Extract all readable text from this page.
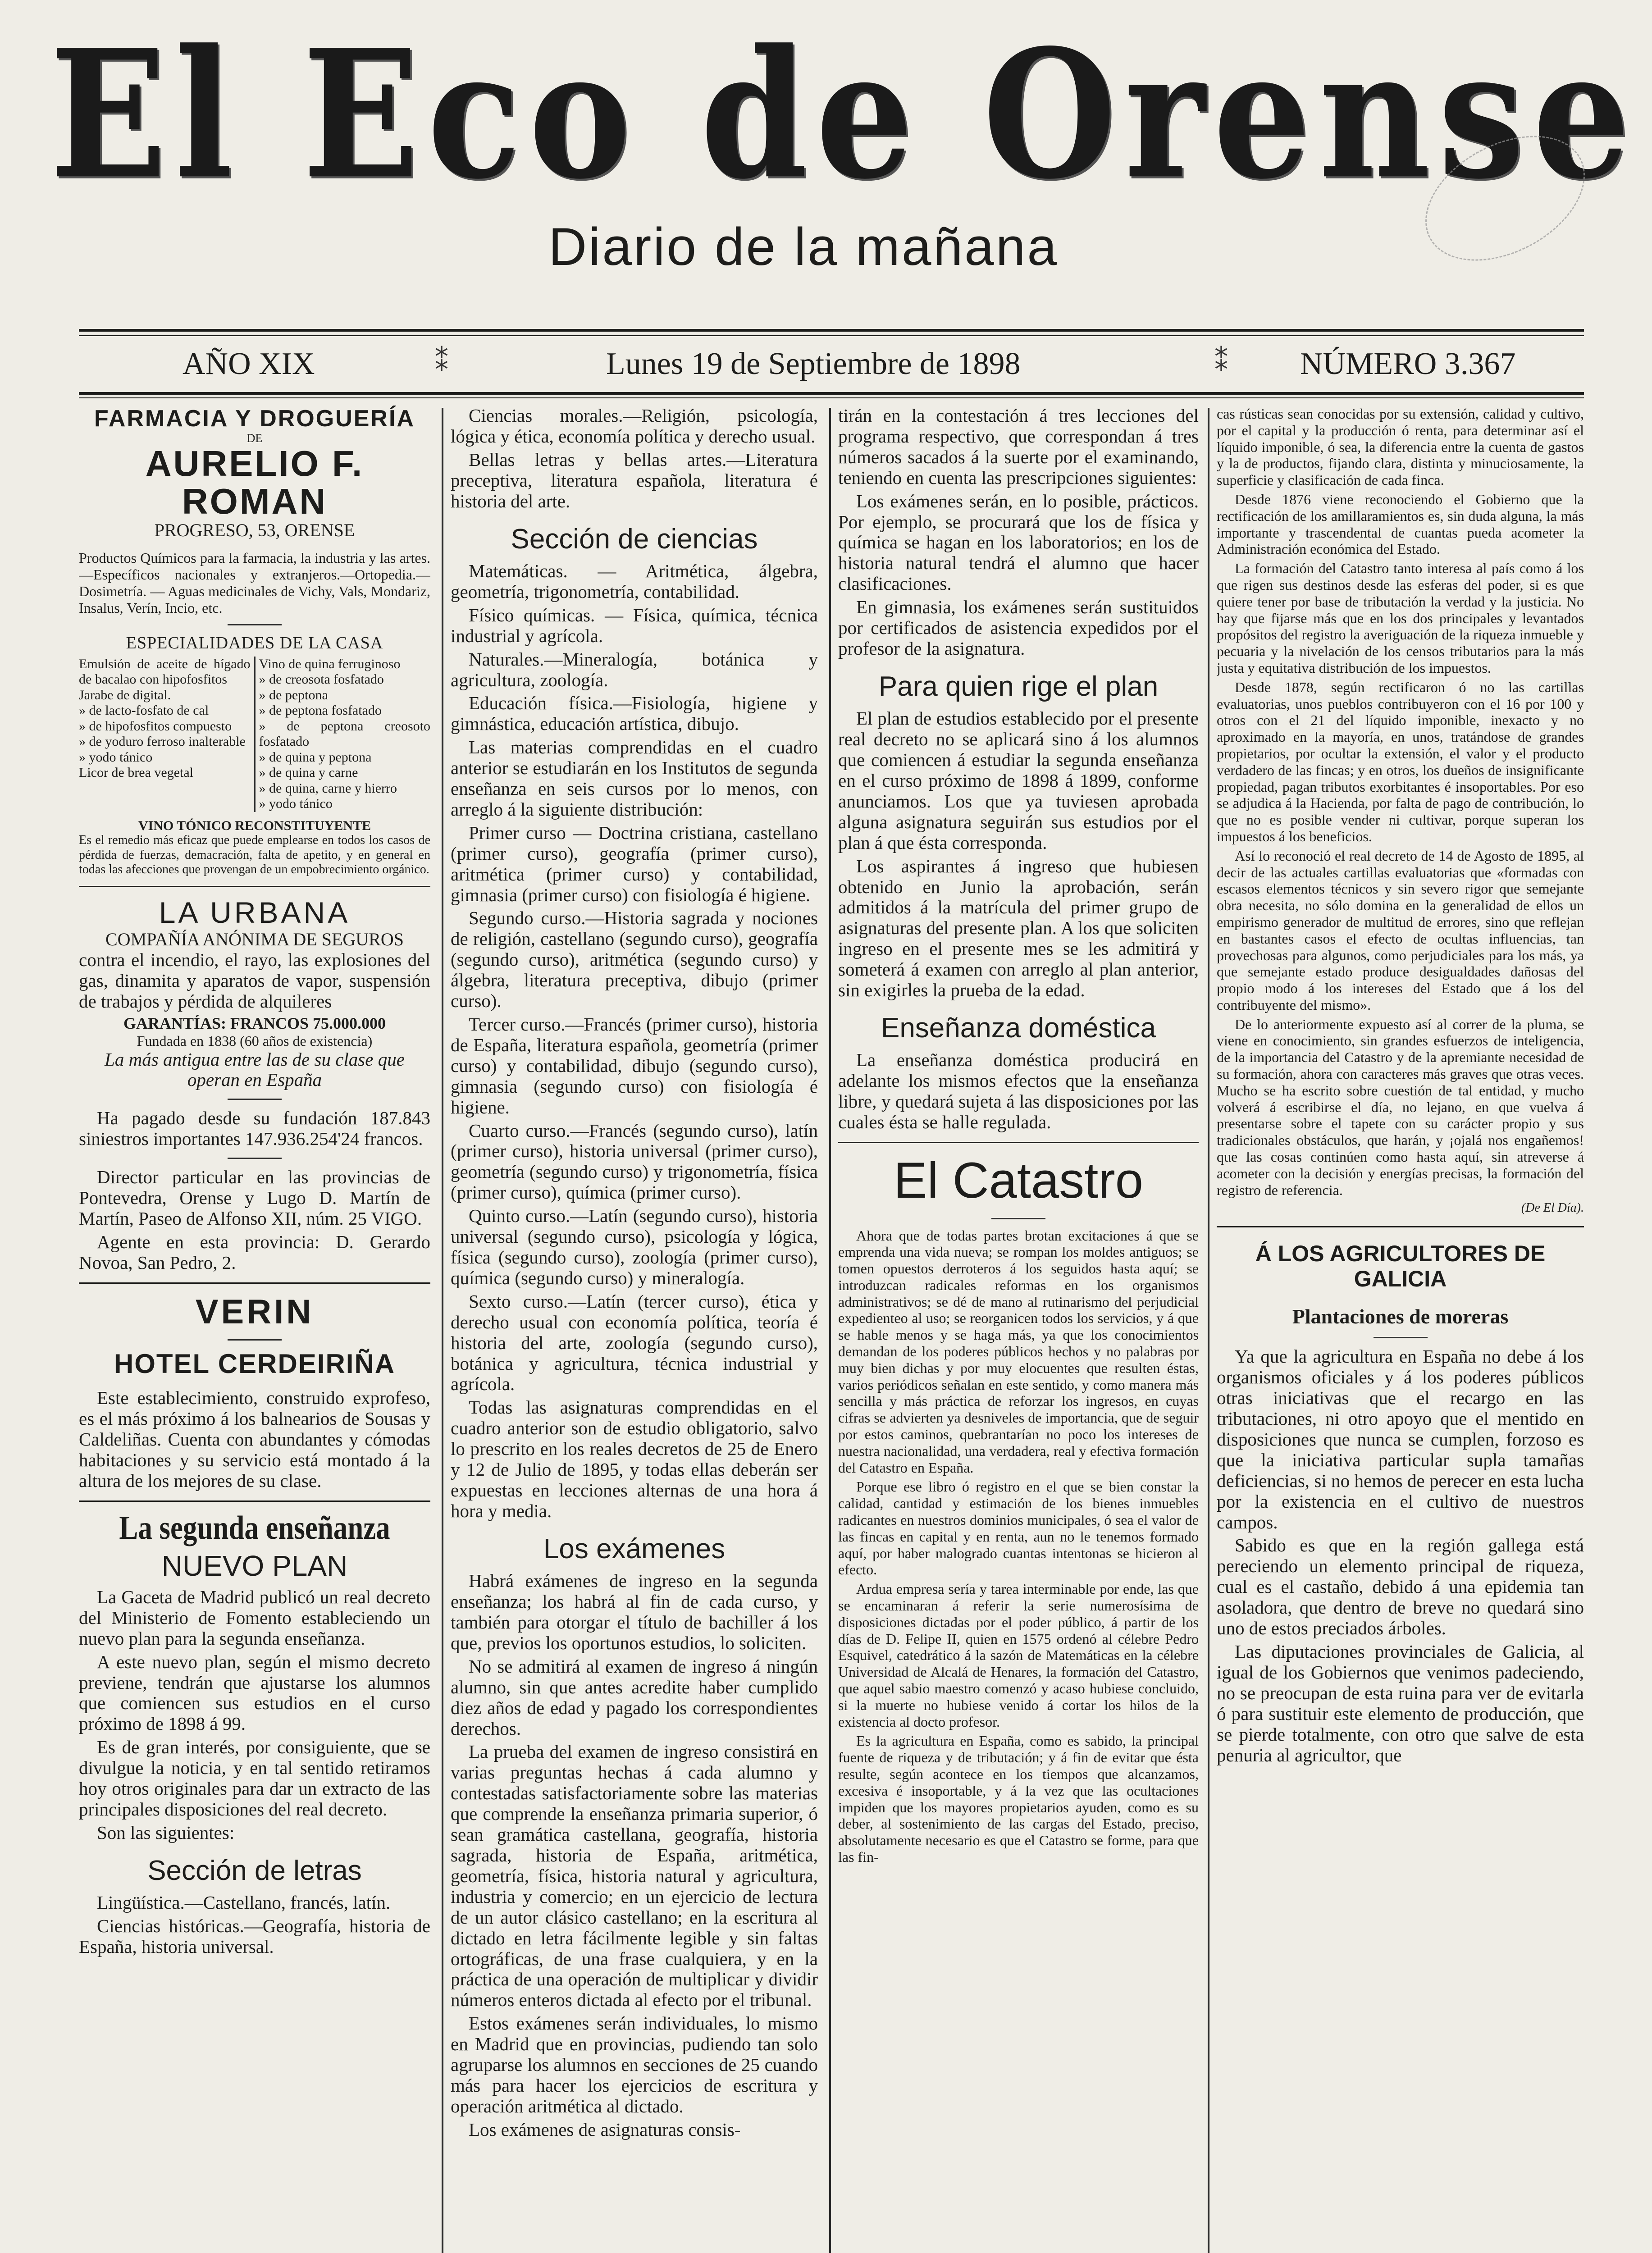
El Eco de Orense
Diario de la mañana
AÑO XIX	⁑	Lunes 19 de Septiembre de 1898	⁑ NÚMERO 3.367
FARMACIA Y DROGUERÍA
DE
AURELIO F. ROMAN
PROGRESO, 53, ORENSE

Productos Químicos para la farmacia, la industria y las artes.—Específicos nacionales y extranjeros.—Ortopedia.—Dosimetría. — Aguas medicinales de Vichy, Vals, Mondariz, Insalus, Verín, Incio, etc.

ESPECIALIDADES DE LA CASA
Emulsión de aceite de hígado de bacalao con hipofosfitos
Jarabe de digital.
» de lacto-fosfato de cal
» de hipofosfitos compuesto
» de yoduro ferroso inalterable
» yodo tánico
Licor de brea vegetal
Vino de quina ferruginoso
» de creosota fosfatado
» de peptona
» de peptona fosfatado
» de peptona creosoto fosfatado
» de quina y peptona
» de quina y carne
» de quina, carne y hierro
» yodo tánico
VINO TÓNICO RECONSTITUYENTE

Es el remedio más eficaz que puede emplearse en todos los casos de pérdida de fuerzas, demacración, falta de apetito, y en general en todas las afecciones que provengan de un empobrecimiento orgánico.

LA URBANA
COMPAÑÍA ANÓNIMA DE SEGUROS

contra el incendio, el rayo, las explosiones del gas, dinamita y aparatos de vapor, suspensión de trabajos y pérdida de alquileres

GARANTÍAS: FRANCOS 75.000.000
Fundada en 1838 (60 años de existencia)
La más antigua entre las de su clase que operan en España

Ha pagado desde su fundación 187.843 siniestros importantes 147.936.254'24 francos.

Director particular en las provincias de Pontevedra, Orense y Lugo D. Martín de Martín, Paseo de Alfonso XII, núm. 25 VIGO.

Agente en esta provincia: D. Gerardo Novoa, San Pedro, 2.

VERIN
HOTEL CERDEIRIÑA

Este establecimiento, construido exprofeso, es el más próximo á los balnearios de Sousas y Caldeliñas. Cuenta con abundantes y cómodas habitaciones y su servicio está montado á la altura de los mejores de su clase.

La segunda enseñanza
NUEVO PLAN

La Gaceta de Madrid publicó un real decreto del Ministerio de Fomento estableciendo un nuevo plan para la segunda enseñanza.

A este nuevo plan, según el mismo decreto previene, tendrán que ajustarse los alumnos que comiencen sus estudios en el curso próximo de 1898 á 99.

Es de gran interés, por consiguiente, que se divulgue la noticia, y en tal sentido retiramos hoy otros originales para dar un extracto de las principales disposiciones del real decreto.

Son las siguientes:

Sección de letras

Lingüística.—Castellano, francés, latín.

Ciencias históricas.—Geografía, historia de España, historia universal.

Ciencias morales.—Religión, psicología, lógica y ética, economía política y derecho usual.

Bellas letras y bellas artes.—Literatura preceptiva, literatura española, literatura é historia del arte.

Sección de ciencias

Matemáticas. — Aritmética, álgebra, geometría, trigonometría, contabilidad.

Físico químicas. — Física, química, técnica industrial y agrícola.

Naturales.—Mineralogía, botánica y agricultura, zoología.

Educación física.—Fisiología, higiene y gimnástica, educación artística, dibujo.

Las materias comprendidas en el cuadro anterior se estudiarán en los Institutos de segunda enseñanza en seis cursos por lo menos, con arreglo á la siguiente distribución:

Primer curso — Doctrina cristiana, castellano (primer curso), geografía (primer curso), aritmética (primer curso) y contabilidad, gimnasia (primer curso) con fisiología é higiene.

Segundo curso.—Historia sagrada y nociones de religión, castellano (segundo curso), geografía (segundo curso), aritmética (segundo curso) y álgebra, literatura preceptiva, dibujo (primer curso).

Tercer curso.—Francés (primer curso), historia de España, literatura española, geometría (primer curso) y contabilidad, dibujo (segundo curso), gimnasia (segundo curso) con fisiología é higiene.

Cuarto curso.—Francés (segundo curso), latín (primer curso), historia universal (primer curso), geometría (segundo curso) y trigonometría, física (primer curso), química (primer curso).

Quinto curso.—Latín (segundo curso), historia universal (segundo curso), psicología y lógica, física (segundo curso), zoología (primer curso), química (segundo curso) y mineralogía.

Sexto curso.—Latín (tercer curso), ética y derecho usual con economía política, teoría é historia del arte, zoología (segundo curso), botánica y agricultura, técnica industrial y agrícola.

Todas las asignaturas comprendidas en el cuadro anterior son de estudio obligatorio, salvo lo prescrito en los reales decretos de 25 de Enero y 12 de Julio de 1895, y todas ellas deberán ser expuestas en lecciones alternas de una hora á hora y media.

Los exámenes

Habrá exámenes de ingreso en la segunda enseñanza; los habrá al fin de cada curso, y también para otorgar el título de bachiller á los que, previos los oportunos estudios, lo soliciten.

No se admitirá al examen de ingreso á ningún alumno, sin que antes acredite haber cumplido diez años de edad y pagado los correspondientes derechos.

La prueba del examen de ingreso consistirá en varias preguntas hechas á cada alumno y contestadas satisfactoriamente sobre las materias que comprende la enseñanza primaria superior, ó sean gramática castellana, geografía, historia sagrada, historia de España, aritmética, geometría, física, historia natural y agricultura, industria y comercio; en un ejercicio de lectura de un autor clásico castellano; en la escritura al dictado en letra fácilmente legible y sin faltas ortográficas, de una frase cualquiera, y en la práctica de una operación de multiplicar y dividir números enteros dictada al efecto por el tribunal.

Estos exámenes serán individuales, lo mismo en Madrid que en provincias, pudiendo tan solo agruparse los alumnos en secciones de 25 cuando más para hacer los ejercicios de escritura y operación aritmética al dictado.

Los exámenes de asignaturas consis-

tirán en la contestación á tres lecciones del programa respectivo, que correspondan á tres números sacados á la suerte por el examinando, teniendo en cuenta las prescripciones siguientes:

Los exámenes serán, en lo posible, prácticos. Por ejemplo, se procurará que los de física y química se hagan en los laboratorios; en los de historia natural tendrá el alumno que hacer clasificaciones.

En gimnasia, los exámenes serán sustituidos por certificados de asistencia expedidos por el profesor de la asignatura.

Para quien rige el plan

El plan de estudios establecido por el presente real decreto no se aplicará sino á los alumnos que comiencen á estudiar la segunda enseñanza en el curso próximo de 1898 á 1899, conforme anunciamos. Los que ya tuviesen aprobada alguna asignatura seguirán sus estudios por el plan á que ésta corresponda.

Los aspirantes á ingreso que hubiesen obtenido en Junio la aprobación, serán admitidos á la matrícula del primer grupo de asignaturas del presente plan. A los que soliciten ingreso en el presente mes se les admitirá y someterá á examen con arreglo al plan anterior, sin exigirles la prueba de la edad.

Enseñanza doméstica

La enseñanza doméstica producirá en adelante los mismos efectos que la enseñanza libre, y quedará sujeta á las disposiciones por las cuales ésta se halle regulada.

El Catastro

Ahora que de todas partes brotan excitaciones á que se emprenda una vida nueva; se rompan los moldes antiguos; se tomen opuestos derroteros á los seguidos hasta aquí; se introduzcan radicales reformas en los organismos administrativos; se dé de mano al rutinarismo del perjudicial expedienteo al uso; se reorganicen todos los servicios, y á que se hable menos y se haga más, ya que los conocimientos demandan de los poderes públicos hechos y no palabras por muy bien dichas y por muy elocuentes que resulten éstas, varios periódicos señalan en este sentido, y como manera más sencilla y más práctica de reforzar los ingresos, en cuyas cifras se advierten ya desniveles de importancia, que de seguir por estos caminos, quebrantarían no poco los intereses de nuestra nacionalidad, una verdadera, real y efectiva formación del Catastro en España.

Porque ese libro ó registro en el que se bien constar la calidad, cantidad y estimación de los bienes inmuebles radicantes en nuestros dominios municipales, ó sea el valor de las fincas en capital y en renta, aun no le tenemos formado aquí, por haber malogrado cuantas intentonas se hicieron al efecto.

Ardua empresa sería y tarea interminable por ende, las que se encaminaran á referir la serie numerosísima de disposiciones dictadas por el poder público, á partir de los días de D. Felipe II, quien en 1575 ordenó al célebre Pedro Esquivel, catedrático á la sazón de Matemáticas en la célebre Universidad de Alcalá de Henares, la formación del Catastro, que aquel sabio maestro comenzó y acaso hubiese concluido, si la muerte no hubiese venido á cortar los hilos de la existencia al docto profesor.

Es la agricultura en España, como es sabido, la principal fuente de riqueza y de tributación; y á fin de evitar que ésta resulte, según acontece en los tiempos que alcanzamos, excesiva é insoportable, y á la vez que las ocultaciones impiden que los mayores propietarios ayuden, como es su deber, al sostenimiento de las cargas del Estado, preciso, absolutamente necesario es que el Catastro se forme, para que las fin-

cas rústicas sean conocidas por su extensión, calidad y cultivo, por el capital y la producción ó renta, para determinar así el líquido imponible, ó sea, la diferencia entre la cuenta de gastos y la de productos, fijando clara, distinta y minuciosamente, la superficie y clasificación de cada finca.

Desde 1876 viene reconociendo el Gobierno que la rectificación de los amillaramientos es, sin duda alguna, la más importante y trascendental de cuantas pueda acometer la Administración económica del Estado.

La formación del Catastro tanto interesa al país como á los que rigen sus destinos desde las esferas del poder, si es que quiere tener por base de tributación la verdad y la justicia. No hay que fijarse más que en los dos principales y levantados propósitos del registro la averiguación de la riqueza inmueble y pecuaria y la nivelación de los censos tributarios para la más justa y equitativa distribución de los impuestos.

Desde 1878, según rectificaron ó no las cartillas evaluatorias, unos pueblos contribuyeron con el 16 por 100 y otros con el 21 del líquido imponible, inexacto y no aproximado en la mayoría, en unos, tratándose de grandes propietarios, por ocultar la extensión, el valor y el producto verdadero de las fincas; y en otros, los dueños de insignificante propiedad, pagan tributos exorbitantes é insoportables. Por eso se adjudica á la Hacienda, por falta de pago de contribución, lo que no es posible vender ni cultivar, porque superan los impuestos á los beneficios.

Así lo reconoció el real decreto de 14 de Agosto de 1895, al decir de las actuales cartillas evaluatorias que «formadas con escasos elementos técnicos y sin severo rigor que semejante obra necesita, no sólo domina en la generalidad de ellos un empirismo generador de multitud de errores, sino que reflejan en bastantes casos el efecto de ocultas influencias, tan provechosas para algunos, como perjudiciales para los más, ya que semejante estado produce desigualdades dañosas del propio modo á los intereses del Estado que á los del contribuyente del mismo».

De lo anteriormente expuesto así al correr de la pluma, se viene en conocimiento, sin grandes esfuerzos de inteligencia, de la importancia del Catastro y de la apremiante necesidad de su formación, ahora con caracteres más graves que otras veces. Mucho se ha escrito sobre cuestión de tal entidad, y mucho volverá á escribirse el día, no lejano, en que vuelva á presentarse sobre el tapete con su carácter propio y sus tradicionales obstáculos, que harán, y ¡ojalá nos engañemos! que las cosas continúen como hasta aquí, sin atreverse á acometer con la decisión y energías precisas, la formación del registro de referencia.

(De El Día).
Á LOS AGRICULTORES DE GALICIA
Plantaciones de moreras

Ya que la agricultura en España no debe á los organismos oficiales y á los poderes públicos otras iniciativas que el recargo en las tributaciones, ni otro apoyo que el mentido en disposiciones que nunca se cumplen, forzoso es que la iniciativa particular supla tamañas deficiencias, si no hemos de perecer en esta lucha por la existencia en el cultivo de nuestros campos.

Sabido es que en la región gallega está pereciendo un elemento principal de riqueza, cual es el castaño, debido á una epidemia tan asoladora, que dentro de breve no quedará sino uno de estos preciados árboles.

Las diputaciones provinciales de Galicia, al igual de los Gobiernos que venimos padeciendo, no se preocupan de esta ruina para ver de evitarla ó para sustituir este elemento de producción, que se pierde totalmente, con otro que salve de esta penuria al agricultor, que
